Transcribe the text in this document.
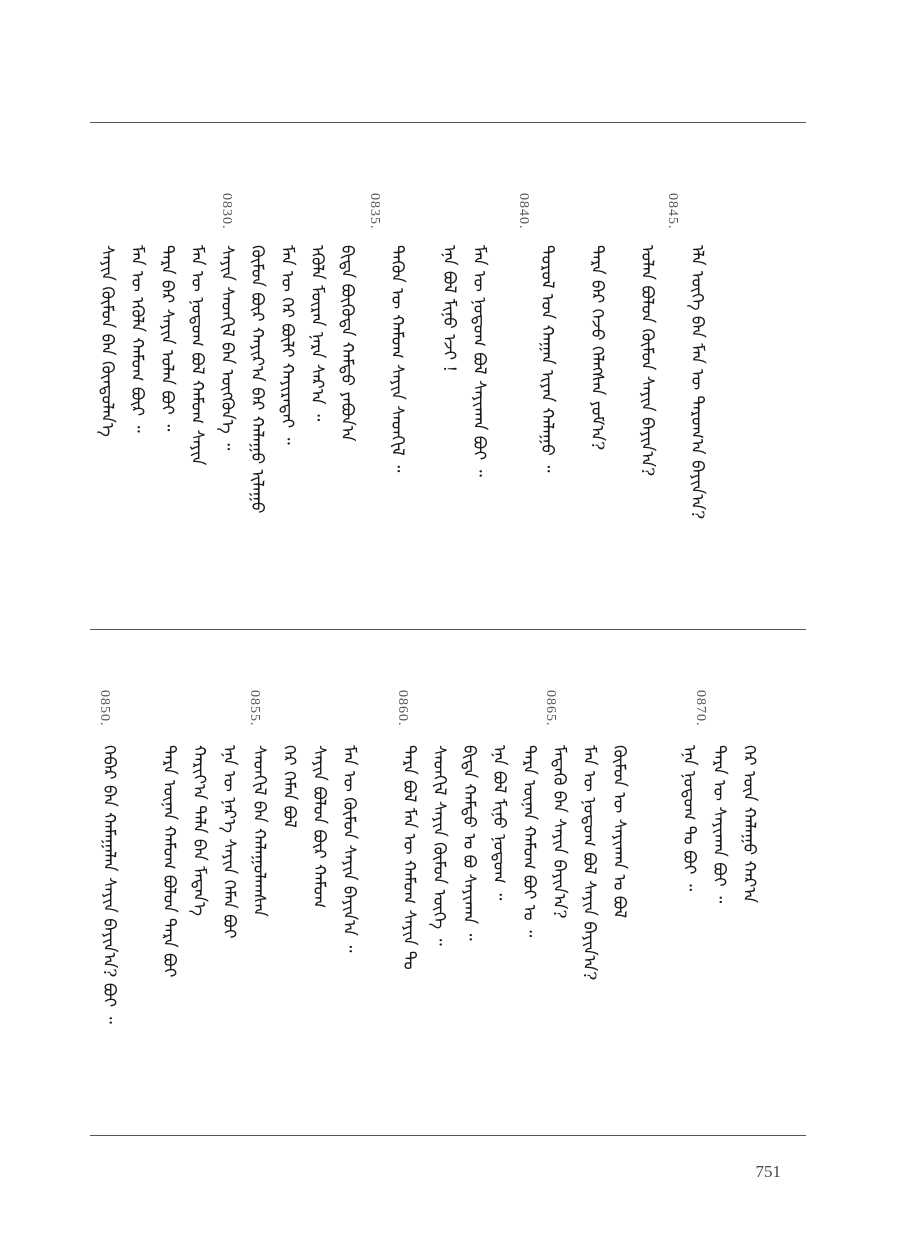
0830.	0835.	0840.	0845.
ᠰᠠᠶᠢᠨ ᠬᠥᠮᠦᠨ ᠪᠡᠨ ᠬᠦᠨᠳᠦᠯᠡᠨ᠎ᠡ ᠮᠠᠨ ᠦ ᠡᠭᠦᠯᠡ ᠬᠠᠮᠤᠭ ᠪᠦᠷ ᠃ ᠲᠡᠷᠡ ᠪᠡᠷ ᠰᠠᠶᠢᠨ ᠣᠯᠠᠨ ᠪᠤᠢ ᠃ ᠮᠠᠨ ᠦ ᠨᠤᠲᠤᠭ ᠪᠤᠯ ᠬᠠᠮᠤᠭ ᠰᠠᠶᠢᠨ ᠰᠠᠶᠢᠨ ᠰᠡᠳᠬᠢᠯ ᠪᠡᠨ ᠥᠭᠭᠦᠨ᠎ᠡ ᠃ ᠬᠦᠮᠦᠨ ᠪᠦᠷ ᠬᠠᠶᠢᠷ᠎ᠠ ᠪᠡᠷ ᠬᠠᠯᠠᠭᠤ ᠢᠯᠠᠭᠤ ᠮᠠᠨ ᠦ ᠭᠡᠷ ᠪᠦᠯᠢ ᠬᠠᠶᠢᠷᠠᠲᠠᠶ ᠃ ᠡᠭᠦᠯᠡ ᠮᠦᠷᠡᠨ ᠨᠠᠷᠠ ᠰᠠᠷ᠎ᠠ ᠃ ᠪᠢᠳᠡ ᠪᠦᠭᠦᠳᠡ ᠬᠠᠮᠲᠤ ᠶᠠᠪᠤᠨ᠎ᠠ ᠲᠡᠭᠦᠨ ᠦ ᠬᠠᠮᠤᠭ ᠰᠠᠶᠢᠨ ᠰᠡᠳᠬᠢᠯ ᠃ ᠡᠨᠡ ᠪᠤᠯ ᠮᠢᠨᠤ ᠡᠵᠢ ! ᠮᠠᠨ ᠦ ᠨᠤᠲᠤᠭ ᠪᠤᠯ ᠰᠠᠶᠢᠬᠠᠨ ᠪᠤᠢ ᠃	ᠲᠤᠷᠤᠯ ᠤᠨ ᠬᠠᠭᠠᠨ ᠢᠶᠡᠨ ᠬᠠᠯᠠᠭᠤ ᠃ ᠲᠡᠷᠡ ᠪᠡᠷ ᠭᠡᠵᠦ ᠬᠡᠯᠡᠭᠰᠡᠨ ᠶᠤᠮ᠎ᠠ? ᠣᠯᠠᠨ ᠪᠤᠯᠤᠨ ᠬᠥᠮᠦᠨ ᠰᠠᠶᠢᠨ ᠪᠠᠶᠢᠨ᠎ᠠ? ᠡᠯᠡ ᠦᠭᠡ ᠪᠡᠨ ᠮᠠᠨ ᠦ ᠳᠠᠷᠤᠭ᠎ᠠ ᠪᠠᠶᠢᠨ᠎ᠠ?
0850.	0855.	0860.	0865.	0870.
ᠬᠡᠪᠡᠷ ᠪᠡᠨ ᠬᠠᠮᠠᠭᠠᠯᠠᠨ ᠰᠠᠶᠢᠨ ᠪᠠᠶᠢᠨ᠎ᠠ? ᠪᠤᠢ ᠃ ᠲᠡᠷᠡ ᠦᠨᠡᠨ ᠬᠠᠮᠤᠭ ᠪᠤᠯᠤᠨ ᠲᠡᠷᠡ ᠪᠤᠢ ᠬᠠᠷᠢᠶ᠎ᠠ ᠲᠠᠯᠠ ᠪᠠᠨ ᠮᠡᠳᠡᠨ᠎ᠡ ᠡᠨᠡ ᠦ ᠨᠡᠷ᠎ᠡ ᠰᠠᠶᠢᠨ ᠬᠡᠮᠡᠨ ᠪᠤᠢ ᠰᠡᠳᠬᠢᠯ ᠪᠡᠨ ᠬᠠᠯᠠᠭᠤᠯᠠᠭᠰᠠᠨ ᠬᠡᠷ ᠬᠡᠮᠡᠨ ᠪᠤᠯ ᠰᠠᠶᠢᠨ ᠪᠤᠯᠤᠨ ᠪᠦᠷ ᠬᠠᠮᠤᠭ ᠮᠠᠨ ᠦ ᠬᠦᠮᠦᠨ ᠰᠠᠶᠢᠨ ᠪᠠᠶᠢᠨ᠎ᠠ ᠃ ᠲᠡᠷᠡ ᠪᠤᠯ ᠮᠠᠨ ᠦ ᠬᠠᠮᠤᠭ ᠰᠠᠶᠢᠨ ᠲᠤ ᠰᠡᠳᠬᠢᠯ ᠰᠠᠶᠢᠨ ᠬᠥᠮᠦᠨ ᠦᠭᠡ ᠃ ᠪᠢᠳᠡ ᠬᠠᠮᠲᠤ ᠣ ᠪᠤ ᠰᠠᠶᠢᠬᠠᠨ ᠃ ᠡᠨᠡ ᠪᠤᠯ ᠮᠢᠨᠤ ᠨᠤᠲᠤᠭ ᠃ ᠲᠡᠷᠡ ᠦᠨᠡᠨ ᠬᠠᠮᠤᠭ ᠪᠤᠢ ᠣ ᠃ ᠮᠡᠳᠡᠬᠦ ᠪᠠᠨ ᠰᠠᠶᠢᠨ ᠪᠠᠶᠢᠨ᠎ᠠ? ᠮᠠᠨ ᠦ ᠨᠤᠲᠤᠭ ᠪᠤᠯ ᠰᠠᠶᠢᠨ ᠪᠠᠶᠢᠨ᠎ᠠ? ᠬᠦᠮᠦᠨ ᠦ ᠰᠠᠶᠢᠬᠠᠨ ᠣ ᠪᠤᠯ	ᠡᠨᠡ ᠨᠤᠲᠤᠭ ᠲᠤ ᠪᠤᠢ ᠃ ᠲᠡᠷᠡ ᠦ ᠰᠠᠶᠢᠬᠠᠨ ᠪᠤᠢ ᠃ ᠬᠡᠷ ᠦᠨ ᠬᠠᠯᠠᠭᠤ ᠬᠠᠷ᠎ᠠ
751
